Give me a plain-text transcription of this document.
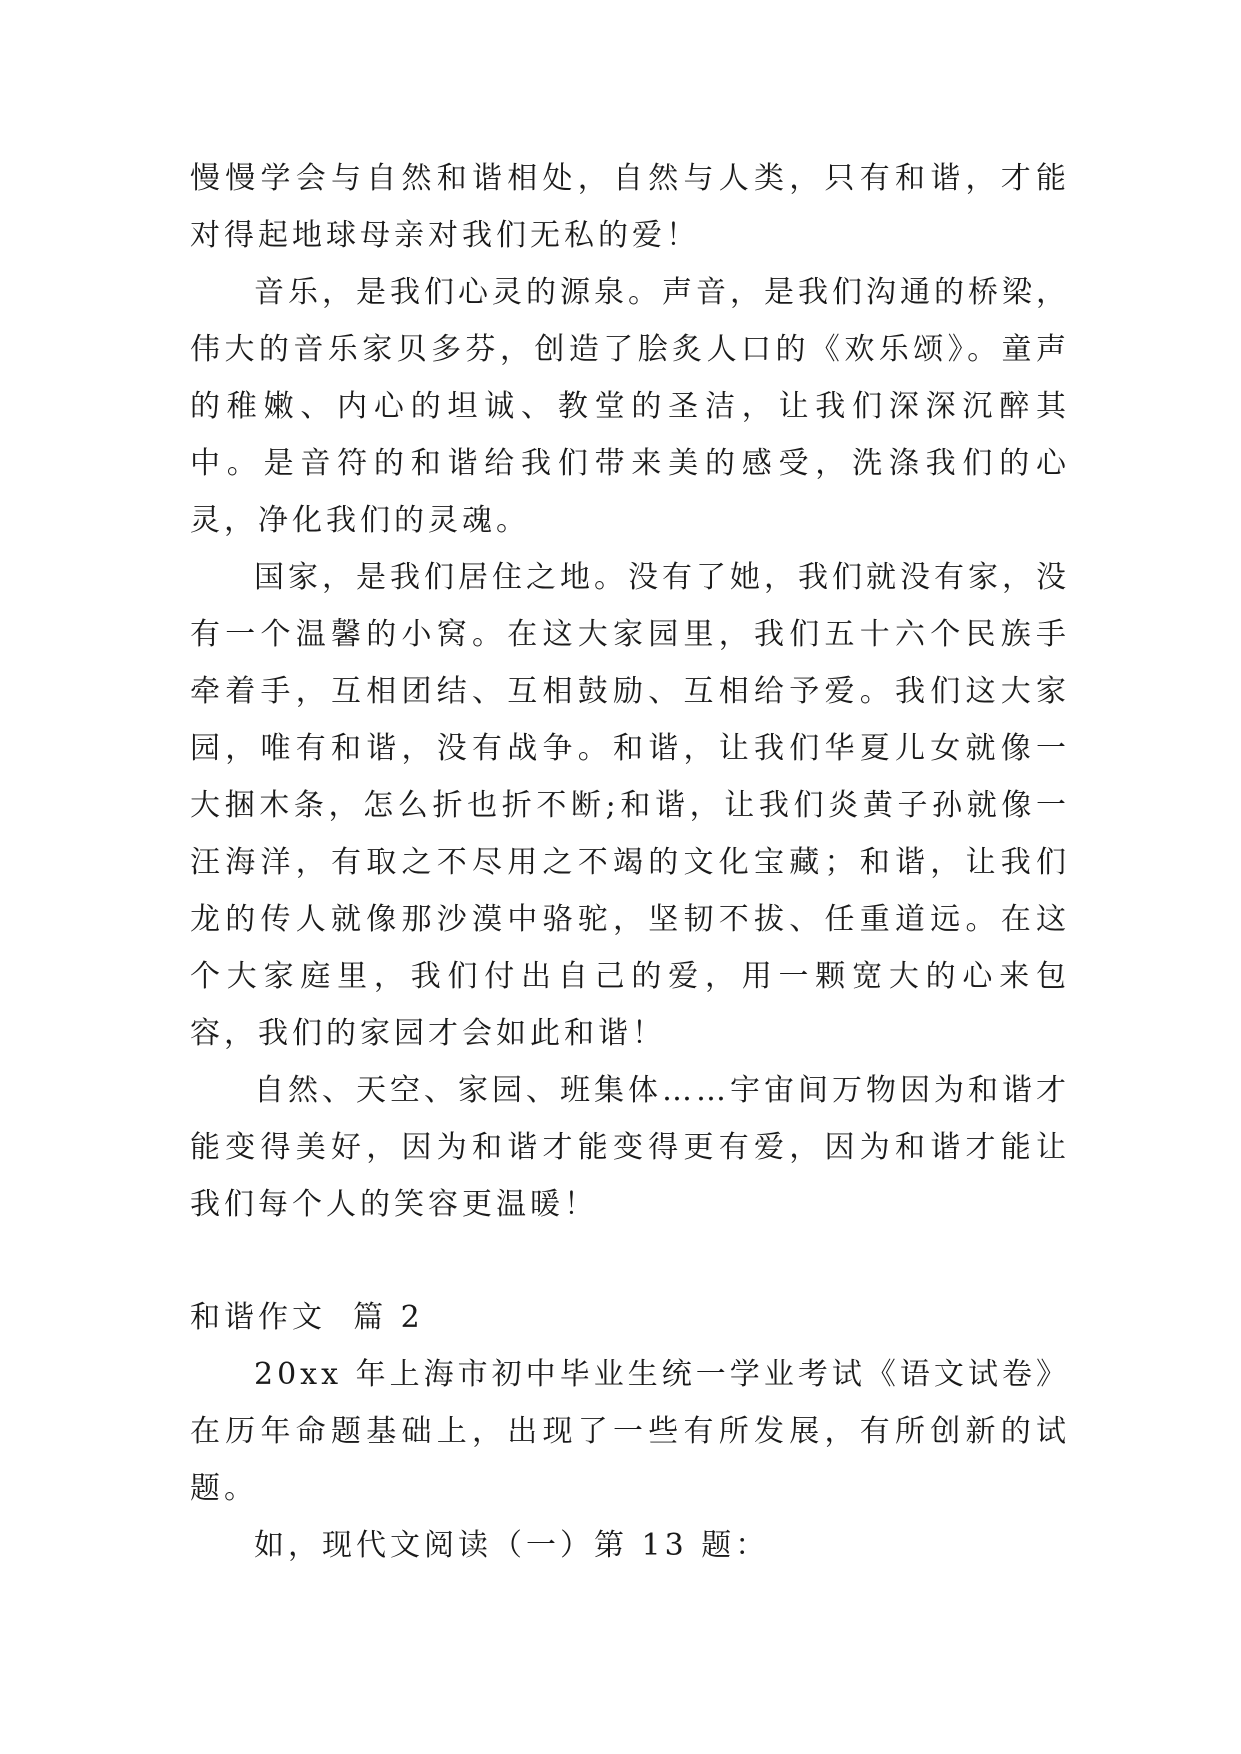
慢慢学会与自然和谐相处，自然与人类，只有和谐，才能对得起地球母亲对我们无私的爱！

音乐，是我们心灵的源泉。声音，是我们沟通的桥梁，伟大的音乐家贝多芬，创造了脍炙人口的《欢乐颂》。童声的稚嫩、内心的坦诚、教堂的圣洁，让我们深深沉醉其中。是音符的和谐给我们带来美的感受，洗涤我们的心灵，净化我们的灵魂。

国家，是我们居住之地。没有了她，我们就没有家，没有一个温馨的小窝。在这大家园里，我们五十六个民族手牵着手，互相团结、互相鼓励、互相给予爱。我们这大家园，唯有和谐，没有战争。和谐，让我们华夏儿女就像一大捆木条，怎么折也折不断;和谐，让我们炎黄子孙就像一汪海洋，有取之不尽用之不竭的文化宝藏；和谐，让我们龙的传人就像那沙漠中骆驼，坚韧不拔、任重道远。在这个大家庭里，我们付出自己的爱，用一颗宽大的心来包容，我们的家园才会如此和谐！

自然、天空、家园、班集体……宇宙间万物因为和谐才能变得美好，因为和谐才能变得更有爱，因为和谐才能让我们每个人的笑容更温暖！

和谐作文  篇 2

20xx 年上海市初中毕业生统一学业考试《语文试卷》在历年命题基础上，出现了一些有所发展，有所创新的试题。

如，现代文阅读（一）第 13 题：
